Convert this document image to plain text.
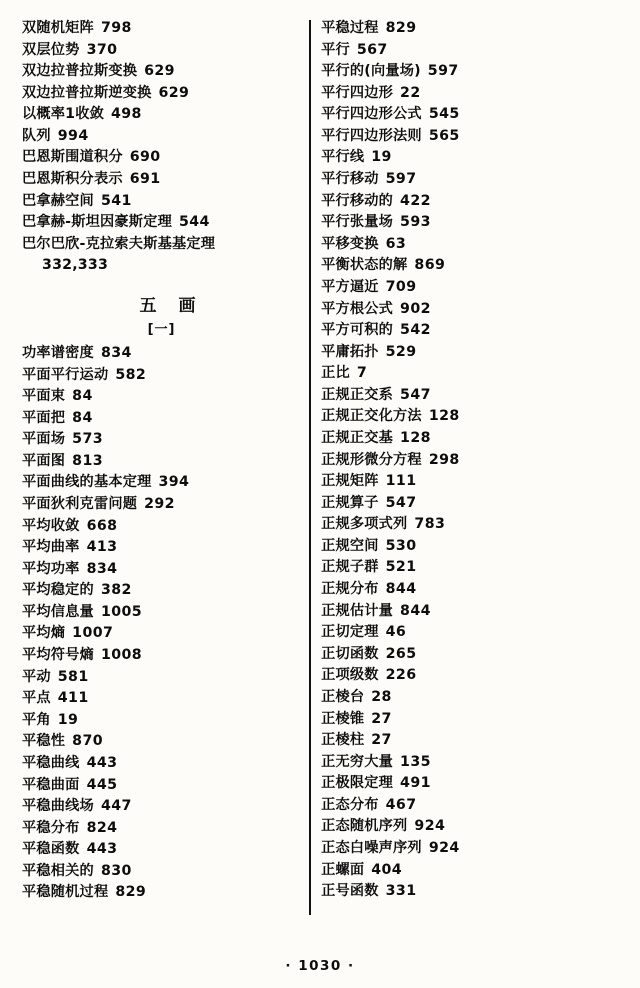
双随机矩阵 798
双层位势 370
双边拉普拉斯变换 629
双边拉普拉斯逆变换 629
以概率1收敛 498
队列 994
巴恩斯围道积分 690
巴恩斯积分表示 691
巴拿赫空间 541
巴拿赫-斯坦因豪斯定理 544
巴尔巴欣-克拉索夫斯基基定理
332,333
五画
[一]
功率谱密度 834
平面平行运动 582
平面束 84
平面把 84
平面场 573
平面图 813
平面曲线的基本定理 394
平面狄利克雷问题 292
平均收敛 668
平均曲率 413
平均功率 834
平均稳定的 382
平均信息量 1005
平均熵 1007
平均符号熵 1008
平动 581
平点 411
平角 19
平稳性 870
平稳曲线 443
平稳曲面 445
平稳曲线场 447
平稳分布 824
平稳函数 443
平稳相关的 830
平稳随机过程 829
平稳过程 829
平行 567
平行的(向量场) 597
平行四边形 22
平行四边形公式 545
平行四边形法则 565
平行线 19
平行移动 597
平行移动的 422
平行张量场 593
平移变换 63
平衡状态的解 869
平方逼近 709
平方根公式 902
平方可积的 542
平庸拓扑 529
正比 7
正规正交系 547
正规正交化方法 128
正规正交基 128
正规形微分方程 298
正规矩阵 111
正规算子 547
正规多项式列 783
正规空间 530
正规子群 521
正规分布 844
正规估计量 844
正切定理 46
正切函数 265
正项级数 226
正棱台 28
正棱锥 27
正棱柱 27
正无穷大量 135
正极限定理 491
正态分布 467
正态随机序列 924
正态白噪声序列 924
正螺面 404
正号函数 331
· 1030 ·
